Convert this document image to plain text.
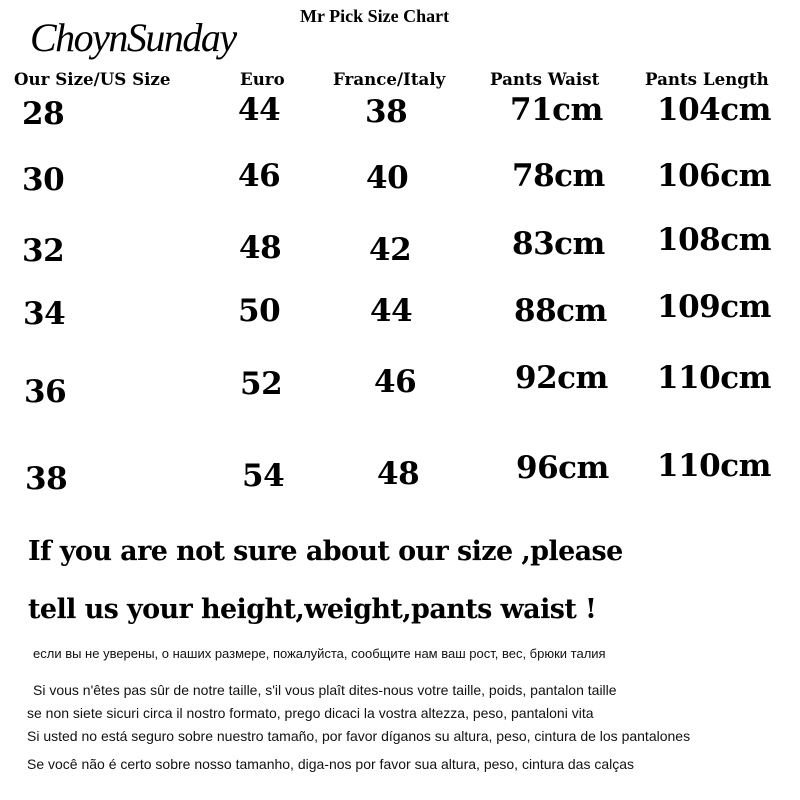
ChoynSunday	Mr Pick Size Chart
Our Size/US Size	Euro	France/Italy	Pants Waist	Pants Length
28	44	38	71cm 104cm
30	46	40	78cm 106cm
32	48	42	83cm 108cm
34	50	44	88cm 109cm
36	52	46	92cm 110cm
38	54	48	96cm 110cm
If you are not sure about our size ,please
tell us your height,weight,pants waist !
если вы не уверены, о наших размере, пожалуйста, сообщите нам ваш рост, вес, брюки талия
Si vous n'êtes pas sûr de notre taille, s'il vous plaît dites-nous votre taille, poids, pantalon taille
se non siete sicuri circa il nostro formato, prego dicaci la vostra altezza, peso, pantaloni vita
Si usted no está seguro sobre nuestro tamaño, por favor díganos su altura, peso, cintura de los pantalones
Se você não é certo sobre nosso tamanho, diga-nos por favor sua altura, peso, cintura das calças
